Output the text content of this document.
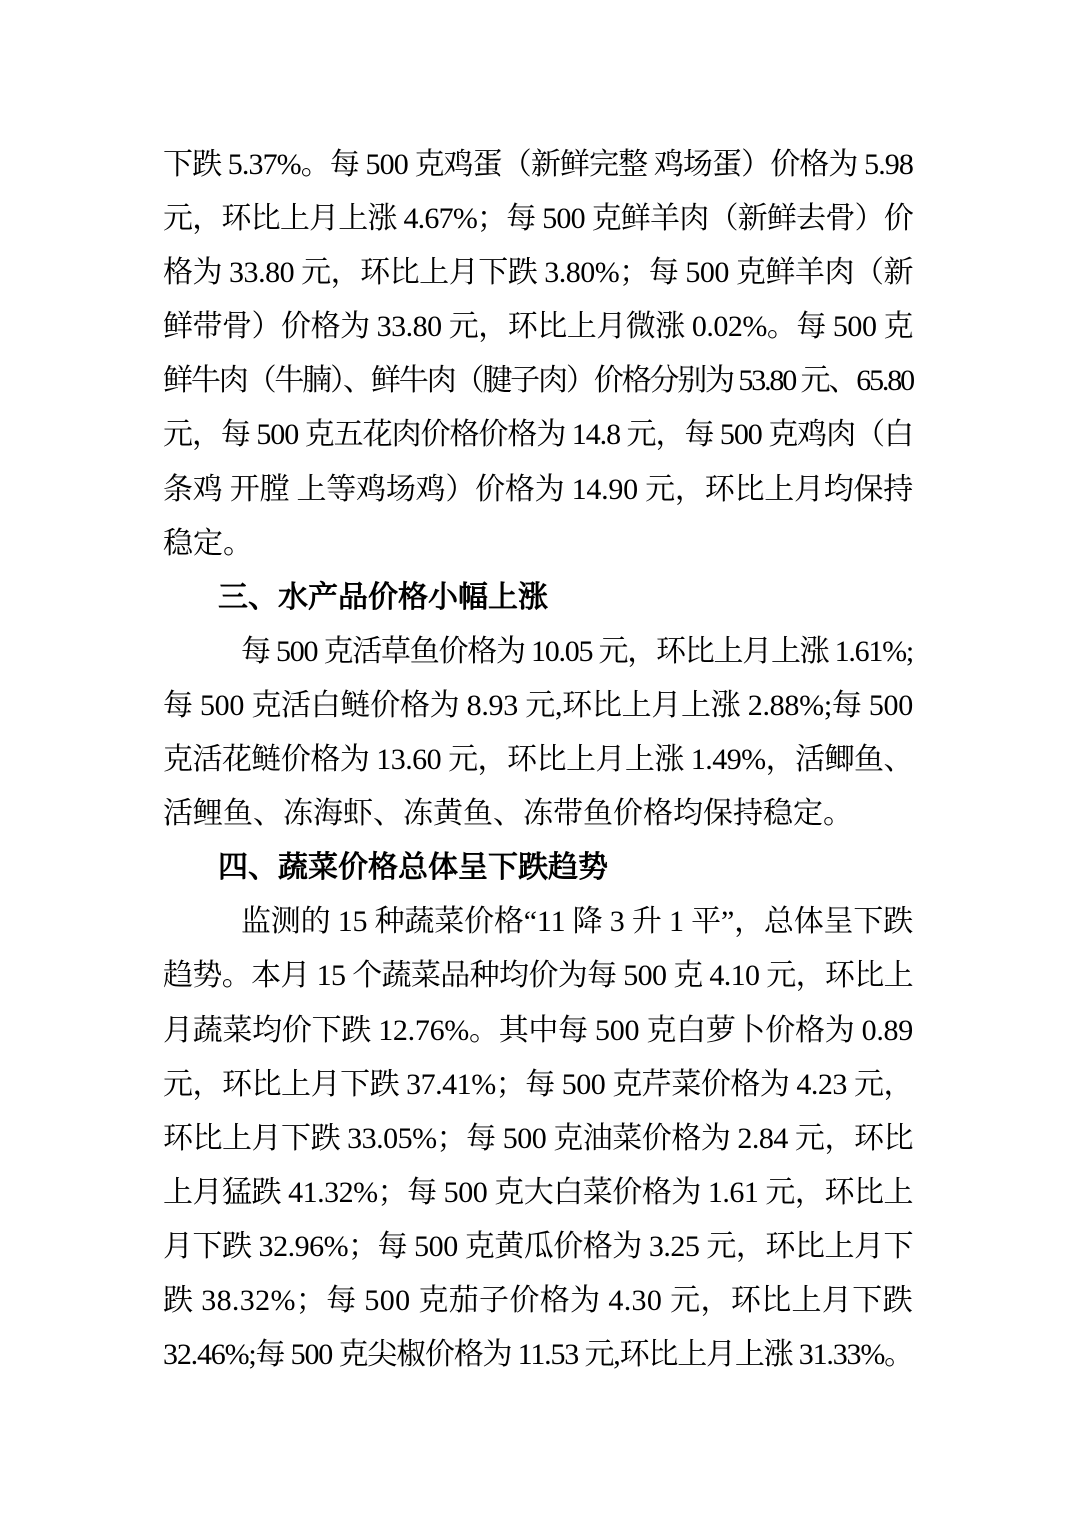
下跌 5.37%。每 500 克鸡蛋（新鲜完整 鸡场蛋）价格为 5.98
元，环比上月上涨 4.67%；每 500 克鲜羊肉（新鲜去骨）价
格为 33.80 元，环比上月下跌 3.80%；每 500 克鲜羊肉（新
鲜带骨）价格为 33.80 元，环比上月微涨 0.02%。每 500 克
鲜牛肉（牛腩）、鲜牛肉（腱子肉）价格分别为 53.80 元、65.80
元，每 500 克五花肉价格价格为 14.8 元，每 500 克鸡肉（白
条鸡 开膛 上等鸡场鸡）价格为 14.90 元，环比上月均保持
稳定。
三、水产品价格小幅上涨
每 500 克活草鱼价格为 10.05 元，环比上月上涨 1.61%;
每 500 克活白鲢价格为 8.93 元,环比上月上涨 2.88%;每 500
克活花鲢价格为 13.60 元，环比上月上涨 1.49%，活鲫鱼、
活鲤鱼、冻海虾、冻黄鱼、冻带鱼价格均保持稳定。
四、蔬菜价格总体呈下跌趋势
监测的 15 种蔬菜价格“11 降 3 升 1 平”，总体呈下跌
趋势。本月 15 个蔬菜品种均价为每 500 克 4.10 元，环比上
月蔬菜均价下跌 12.76%。其中每 500 克白萝卜价格为 0.89
元，环比上月下跌 37.41%；每 500 克芹菜价格为 4.23 元，
环比上月下跌 33.05%；每 500 克油菜价格为 2.84 元，环比
上月猛跌 41.32%；每 500 克大白菜价格为 1.61 元，环比上
月下跌 32.96%；每 500 克黄瓜价格为 3.25 元，环比上月下
跌 38.32%；每 500 克茄子价格为 4.30 元，环比上月下跌
32.46%;每 500 克尖椒价格为 11.53 元,环比上月上涨 31.33%。
